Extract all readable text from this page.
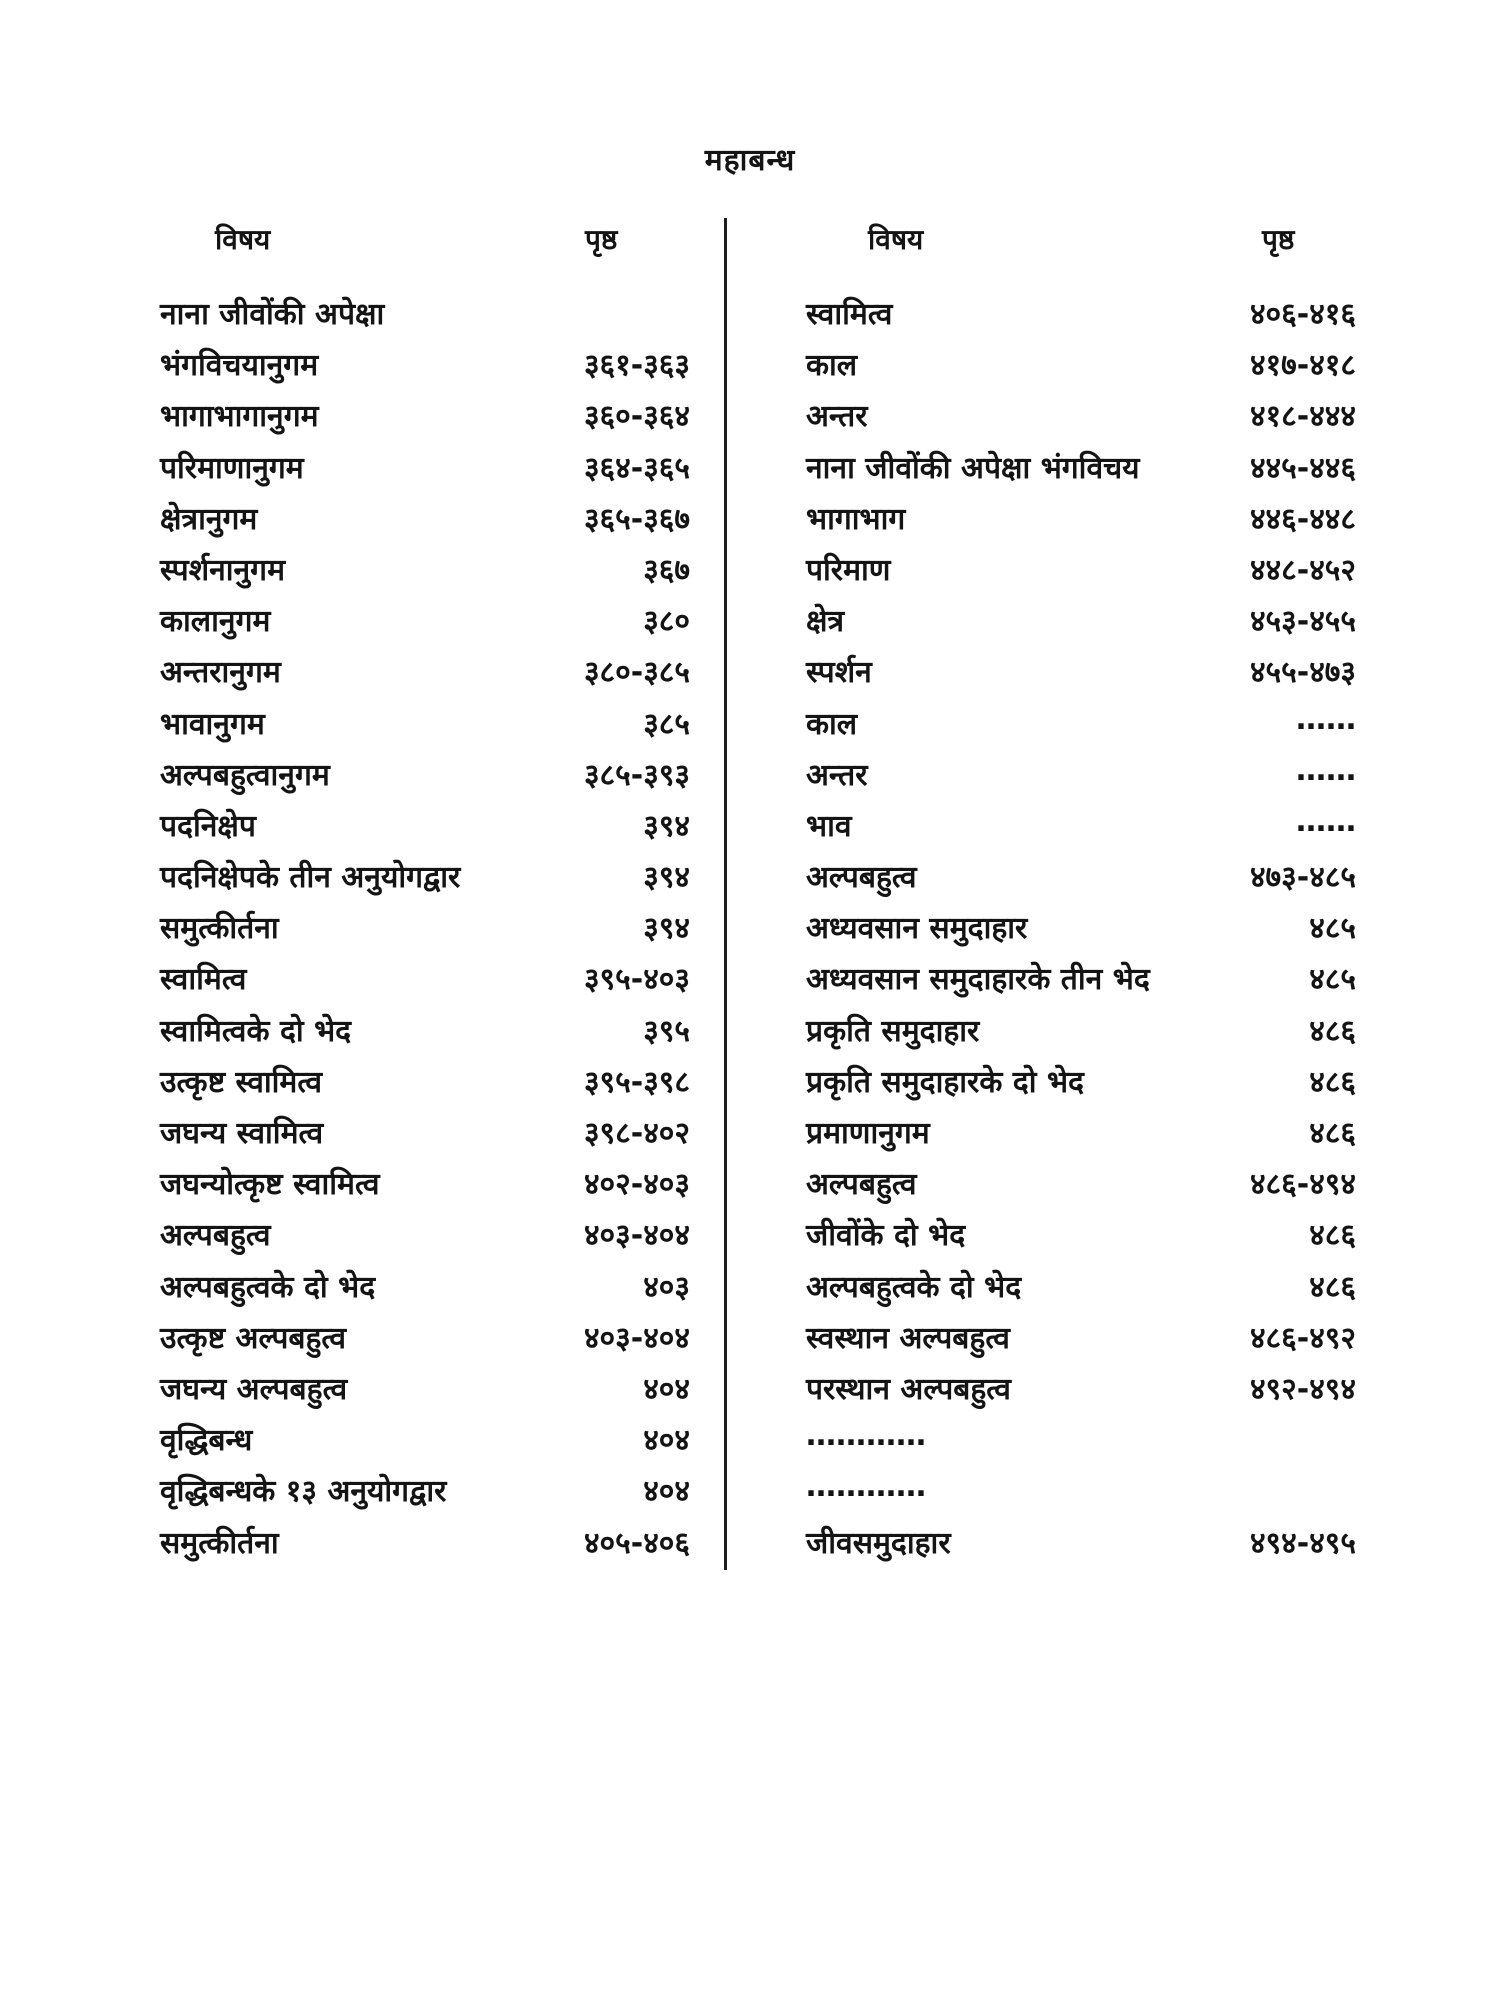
महाबन्ध
विषय	पृष्ठ	विषय	पृष्ठ
नाना जीवोंकी अपेक्षा
भंगविचयानुगम	३६१-३६३
भागाभागानुगम	३६०-३६४
परिमाणानुगम	३६४-३६५
क्षेत्रानुगम	३६५-३६७
स्पर्शनानुगम	३६७
कालानुगम	३८०
अन्तरानुगम	३८०-३८५
भावानुगम	३८५
अल्पबहुत्वानुगम	३८५-३९३
पदनिक्षेप	३९४
पदनिक्षेपके तीन अनुयोगद्वार	३९४
समुत्कीर्तना	३९४
स्वामित्व	३९५-४०३
स्वामित्वके दो भेद	३९५
उत्कृष्ट स्वामित्व	३९५-३९८
जघन्य स्वामित्व	३९८-४०२
जघन्योत्कृष्ट स्वामित्व	४०२-४०३
अल्पबहुत्व	४०३-४०४
अल्पबहुत्वके दो भेद	४०३
उत्कृष्ट अल्पबहुत्व	४०३-४०४
जघन्य अल्पबहुत्व	४०४
वृद्धिबन्ध	४०४
वृद्धिबन्धके १३ अनुयोगद्वार	४०४
समुत्कीर्तना	४०५-४०६
स्वामित्व	४०६-४१६
काल	४१७-४१८
अन्तर	४१८-४४४
नाना जीवोंकी अपेक्षा भंगविचय	४४५-४४६
भागाभाग	४४६-४४८
परिमाण	४४८-४५२
क्षेत्र	४५३-४५५
स्पर्शन	४५५-४७३
काल	……
अन्तर	……
भाव	……
अल्पबहुत्व	४७३-४८५
अध्यवसान समुदाहार	४८५
अध्यवसान समुदाहारके तीन भेद	४८५
प्रकृति समुदाहार	४८६
प्रकृति समुदाहारके दो भेद	४८६
प्रमाणानुगम	४८६
अल्पबहुत्व	४८६-४९४
जीवोंके दो भेद	४८६
अल्पबहुत्वके दो भेद	४८६
स्वस्थान अल्पबहुत्व	४८६-४९२
परस्थान अल्पबहुत्व	४९२-४९४
…………
…………
जीवसमुदाहार	४९४-४९५
